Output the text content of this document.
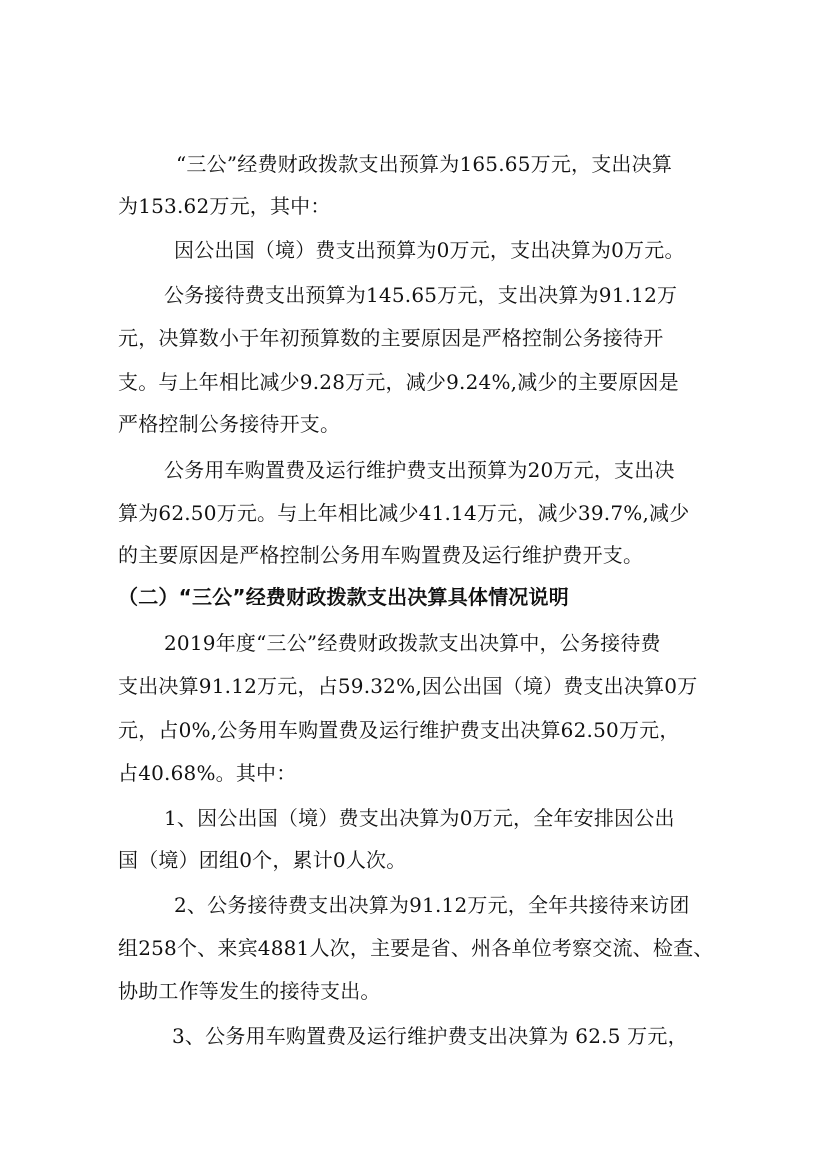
“三公”经费财政拨款支出预算为165.65万元，支出决算
为153.62万元，其中：
因公出国（境）费支出预算为0万元，支出决算为0万元。
公务接待费支出预算为145.65万元，支出决算为91.12万
元，决算数小于年初预算数的主要原因是严格控制公务接待开
支。与上年相比减少9.28万元，减少9.24%,减少的主要原因是
严格控制公务接待开支。
公务用车购置费及运行维护费支出预算为20万元，支出决
算为62.50万元。与上年相比减少41.14万元，减少39.7%,减少
的主要原因是严格控制公务用车购置费及运行维护费开支。
（二）“三公”经费财政拨款支出决算具体情况说明
2019年度“三公”经费财政拨款支出决算中，公务接待费
支出决算91.12万元，占59.32%,因公出国（境）费支出决算0万
元，占0%,公务用车购置费及运行维护费支出决算62.50万元，
占40.68%。其中：
1、因公出国（境）费支出决算为0万元，全年安排因公出
国（境）团组0个，累计0人次。
2、公务接待费支出决算为91.12万元，全年共接待来访团
组258个、来宾4881人次，主要是省、州各单位考察交流、检查、
协助工作等发生的接待支出。
3、公务用车购置费及运行维护费支出决算为 62.5 万元，
